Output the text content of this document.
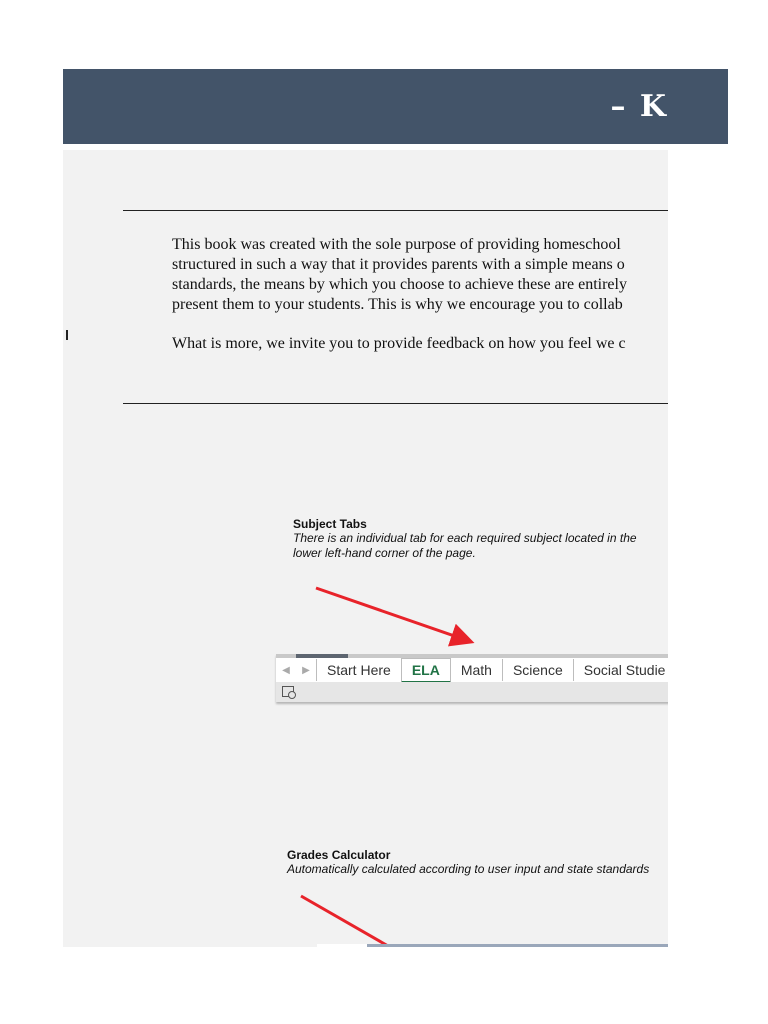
– K

This book was created with the sole purpose of providing homeschool

structured in such a way that it provides parents with a simple means o

standards, the means by which you choose to achieve these are entirely

present them to your students. This is why we encourage you to collab

What is more, we invite you to provide feedback on how you feel we c

Subject Tabs
There is an individual tab for each required subject located in the
lower left-hand corner of the page.
◀	▶	Start Here	ELA	Math	Science	Social Studie
Grades Calculator
Automatically calculated according to user input and state standards
